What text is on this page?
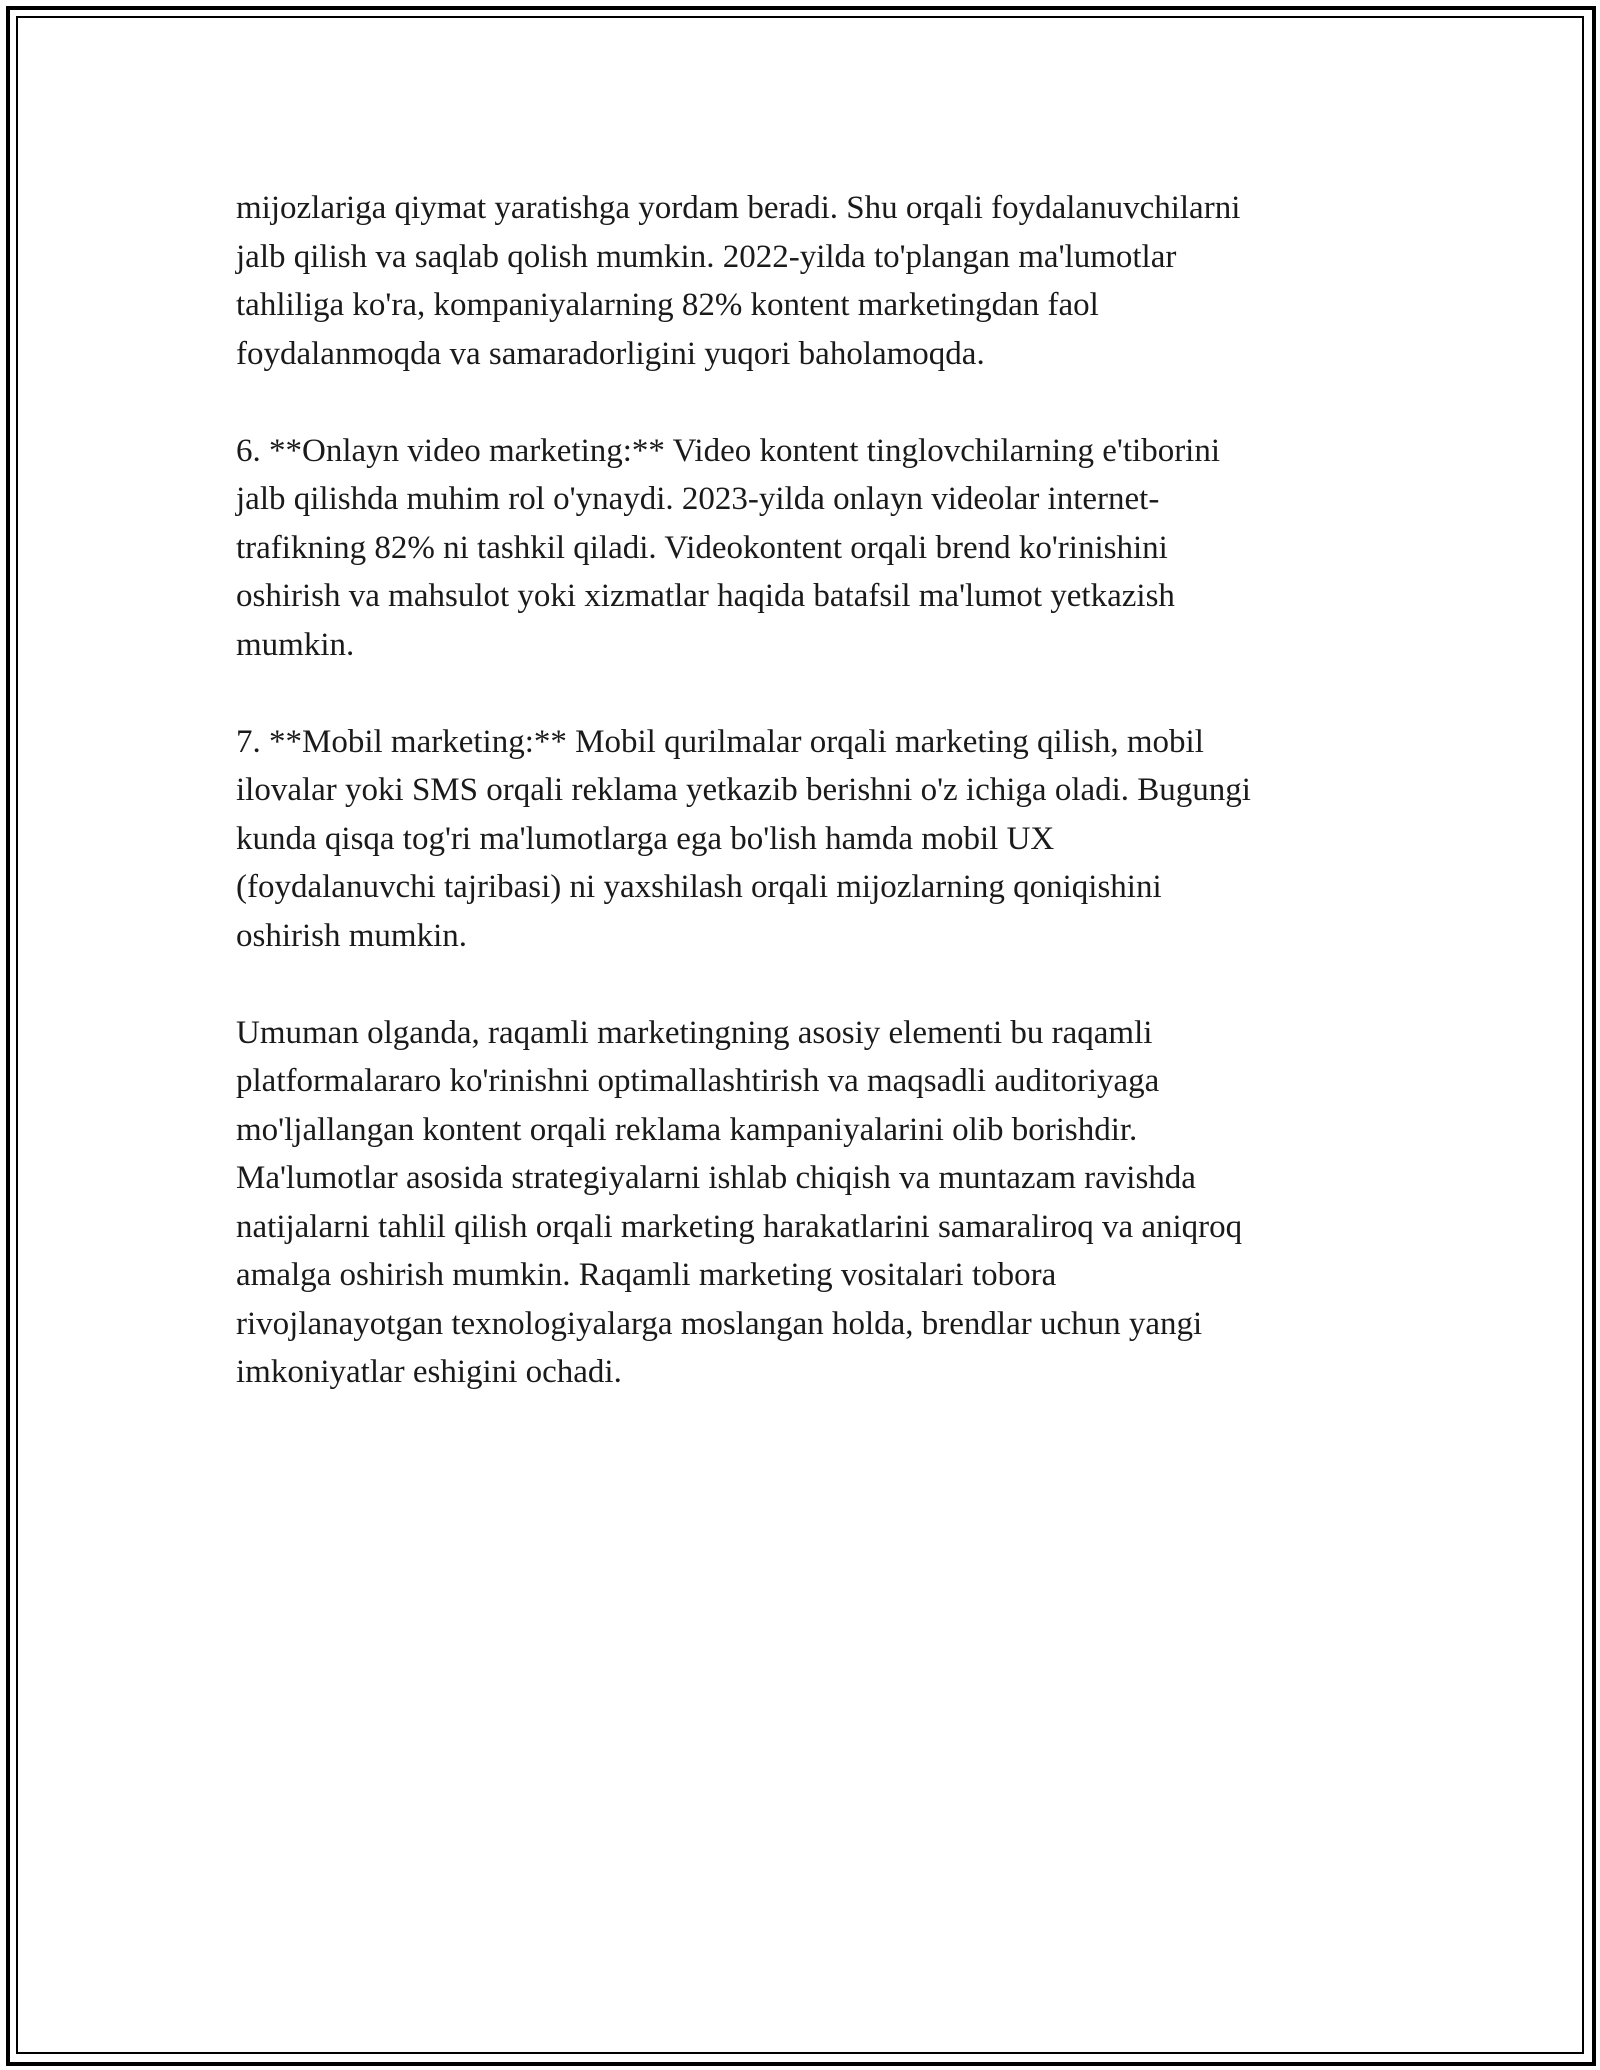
mijozlariga qiymat yaratishga yordam beradi. Shu orqali foydalanuvchilarni
jalb qilish va saqlab qolish mumkin. 2022-yilda to'plangan ma'lumotlar
tahliliga ko'ra, kompaniyalarning 82% kontent marketingdan faol
foydalanmoqda va samaradorligini yuqori baholamoqda.

6. **Onlayn video marketing:** Video kontent tinglovchilarning e'tiborini
jalb qilishda muhim rol o'ynaydi. 2023-yilda onlayn videolar internet-
trafikning 82% ni tashkil qiladi. Videokontent orqali brend ko'rinishini
oshirish va mahsulot yoki xizmatlar haqida batafsil ma'lumot yetkazish
mumkin.

7. **Mobil marketing:** Mobil qurilmalar orqali marketing qilish, mobil
ilovalar yoki SMS orqali reklama yetkazib berishni o'z ichiga oladi. Bugungi
kunda qisqa tog'ri ma'lumotlarga ega bo'lish hamda mobil UX
(foydalanuvchi tajribasi) ni yaxshilash orqali mijozlarning qoniqishini
oshirish mumkin.

Umuman olganda, raqamli marketingning asosiy elementi bu raqamli
platformalararo ko'rinishni optimallashtirish va maqsadli auditoriyaga
mo'ljallangan kontent orqali reklama kampaniyalarini olib borishdir.
Ma'lumotlar asosida strategiyalarni ishlab chiqish va muntazam ravishda
natijalarni tahlil qilish orqali marketing harakatlarini samaraliroq va aniqroq
amalga oshirish mumkin. Raqamli marketing vositalari tobora
rivojlanayotgan texnologiyalarga moslangan holda, brendlar uchun yangi
imkoniyatlar eshigini ochadi.
